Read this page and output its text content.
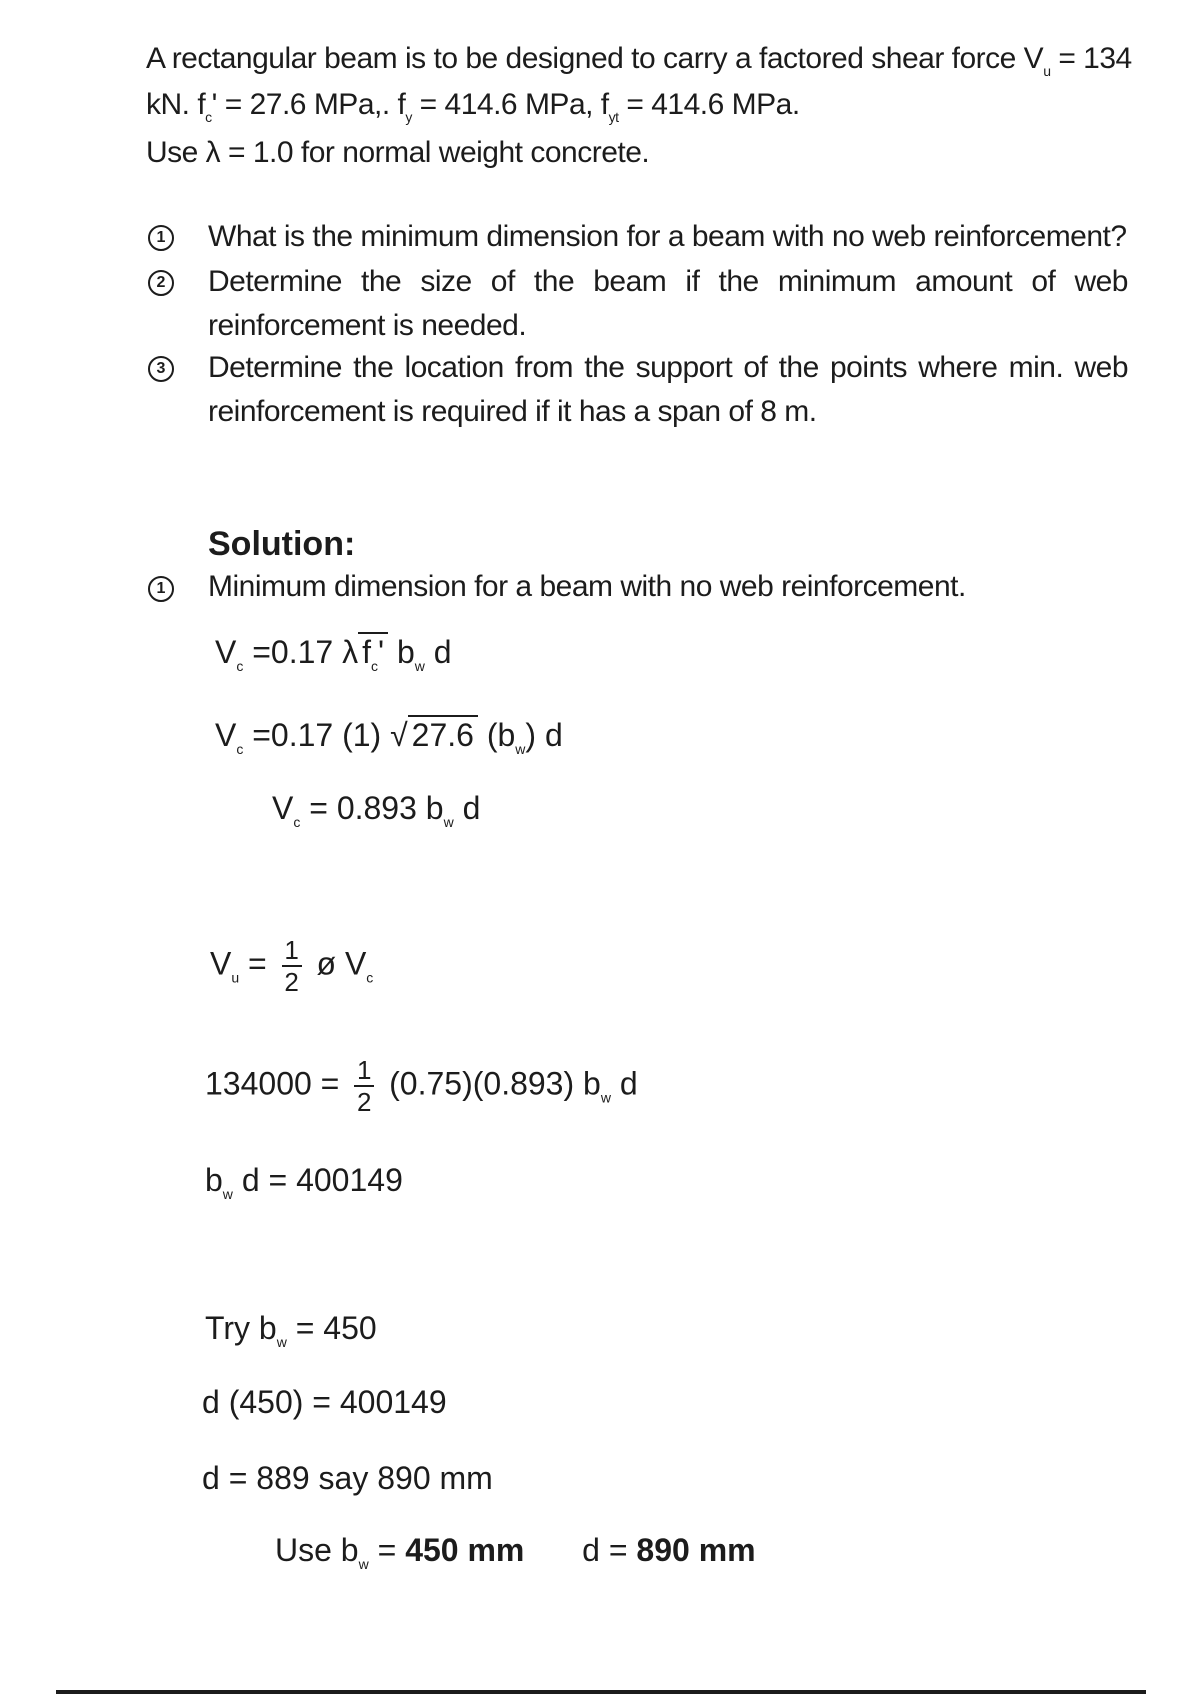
A rectangular beam is to be designed to carry a factored shear force $V_u = 134$
kN. $f_c' = 27.6$ MPa,. $f_y = 414.6$ MPa, $f_{yt} = 414.6$ MPa.
Use λ = 1.0 for normal weight concrete.
1 What is the minimum dimension for a beam with no web reinforcement?
2 Determine the size of the beam if the minimum amount of web reinforcement is needed.
3 Determine the location from the support of the points where min. web reinforcement is required if it has a span of 8 m.
Solution:
1 Minimum dimension for a beam with no web reinforcement.
$V_c =0.17$ λ $f_c'$ $b_w$ d
$V_c =0.17$ (1) √ 27.6 $(b_w)$ d
$V_c = 0.893$ $b_w$ d
$V_u = \frac{1}{2}$ ø $V_c$
$134000 = \frac{1}{2} (0.75)(0.893)$ $b_w$ d
$b_w$ d = 400149
Try $b_w = 450$
d (450) = 400149
d = 889 say 890 mm
Use $b_w = 450$ mm d = 890 mm
